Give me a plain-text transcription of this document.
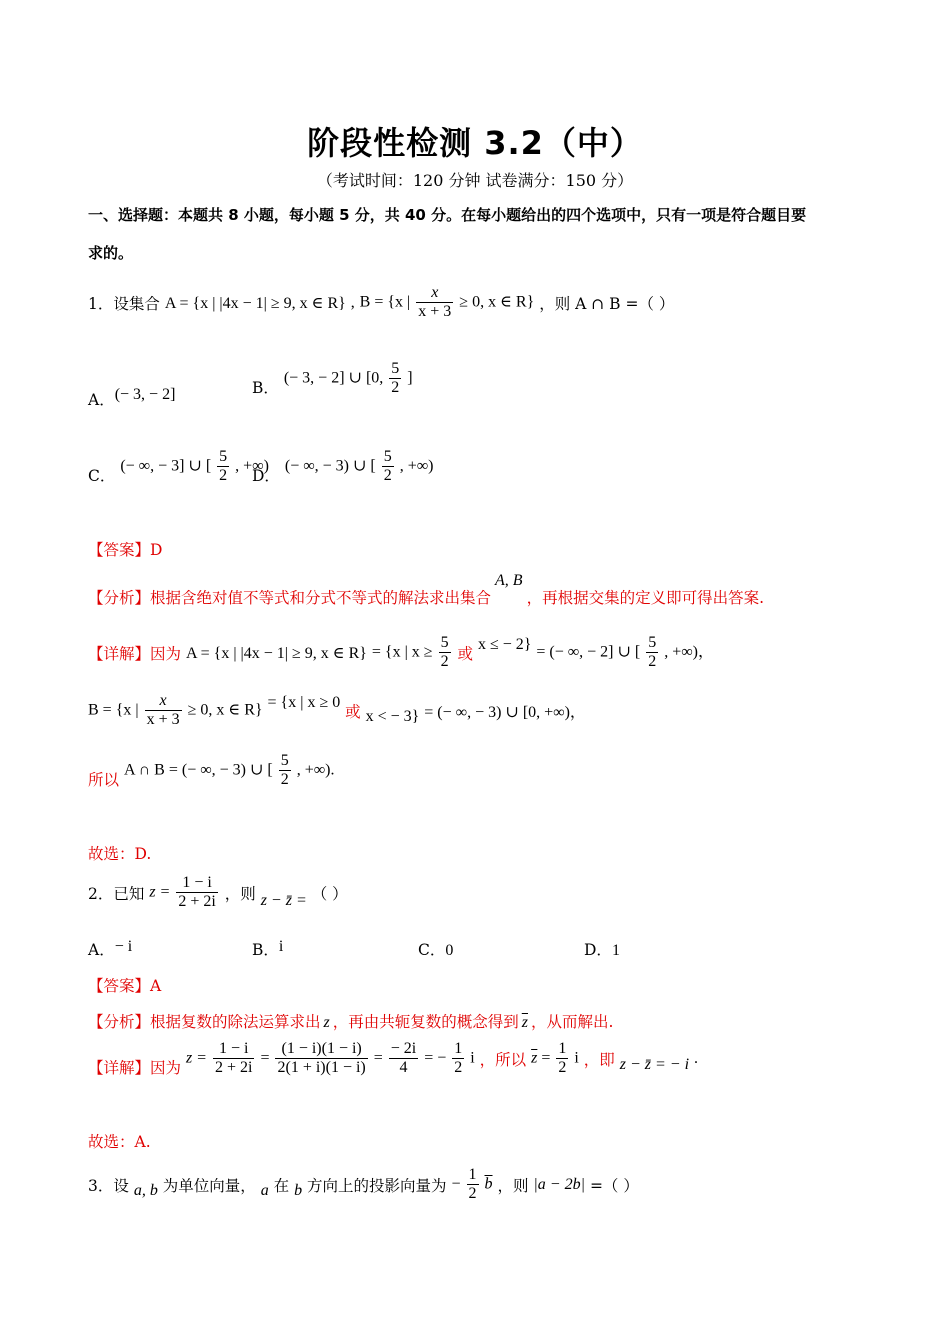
阶段性检测 3.2（中）
（考试时间：120 分钟 试卷满分：150 分）
一、选择题：本题共 8 小题，每小题 5 分，共 40 分。在每小题给出的四个选项中，只有一项是符合题目要
求的。
1．设集合 A = {x | |4x − 1| ≥ 9, x ∈ R} , B = {x | $\frac{x}{x + 3} \ge 0$, x ∈ R} ，则 A ∩ B =（ ）
A．(− 3, − 2]	B． (− 3, − 2] ∪ [0, $\frac{5}{2}$ ]
C． (− ∞, − 3] ∪ [ $\frac{5}{2}$ , +∞)
D． (− ∞, − 3) ∪ [ $\frac{5}{2}$ , +∞)
【答案】D
【分析】根据含绝对值不等式和分式不等式的解法求出集合A, B，再根据交集的定义即可得出答案.
【详解】因为 A = {x | |4x − 1| ≥ 9, x ∈ R} = {x | $x \ge \frac{5}{2}$ 或 x ≤ − 2} = (− ∞, − 2] ∪ [ $\frac{5}{2}$ , +∞)，
B = {x | $\frac{x}{x + 3} \ge 0$, x ∈ R} = {x | x ≥ 0 或 x < − 3} = (− ∞, − 3) ∪ [0, +∞)，
所以 A ∩ B = (− ∞, − 3) ∪ [ $\frac{5}{2}$ , +∞).
故选：D.
2．已知 $z = \frac{1 - i}{2 + 2i}$ ，则 z − z̄ = （ ）
A．− i	B．i	C．0	D．1
【答案】A
【分析】根据复数的除法运算求出 z ，再由共轭复数的概念得到 $\overline{z}$ ，从而解出.
【详解】因为 $z = \frac{1 - i}{2 + 2i} = \frac{(1 - i)(1 - i)}{2(1 + i)(1 - i)} = \frac{- 2i}{4}$ = − $\frac{1}{2}$ i ，所以 $\overline{z} = \frac{1}{2}$ i ，即 z − z̄ = − i .
故选：A.
3．设 a, b 为单位向量， a 在 b 方向上的投影向量为 − $\frac{1}{2} \overline{b}$ ，则 |a − 2b| =（ ）
